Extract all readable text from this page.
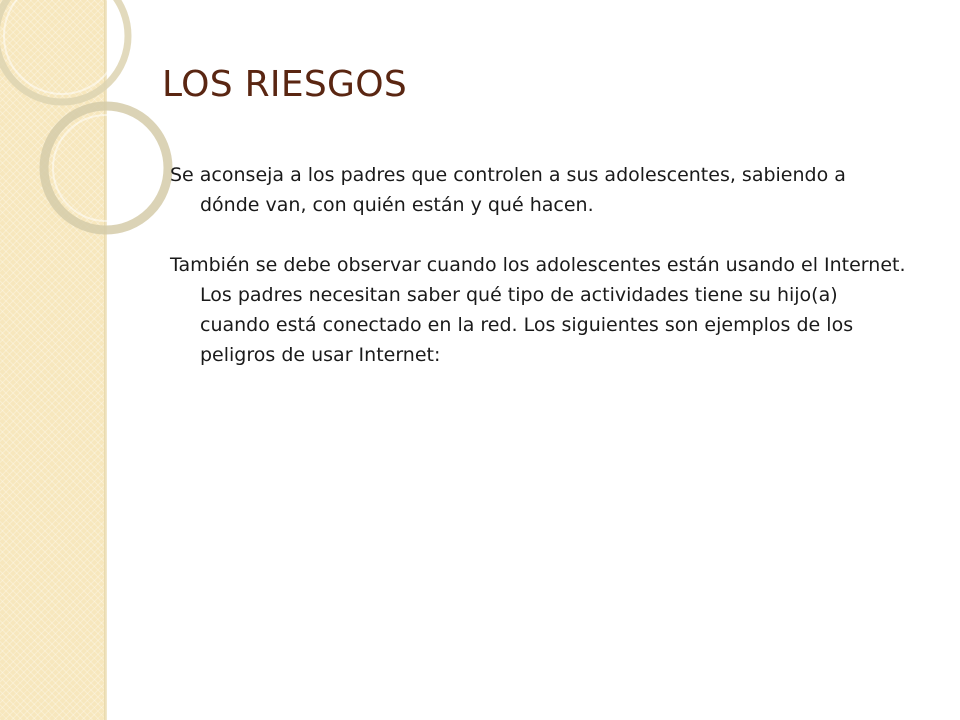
LOS RIESGOS

Se aconseja a los padres que controlen a sus adolescentes, sabiendo a dónde van, con quién están y qué hacen.

También se debe observar cuando los adolescentes están usando el Internet. Los padres necesitan saber qué tipo de actividades tiene su hijo(a) cuando está conectado en la red. Los siguientes son ejemplos de los peligros de usar Internet:
